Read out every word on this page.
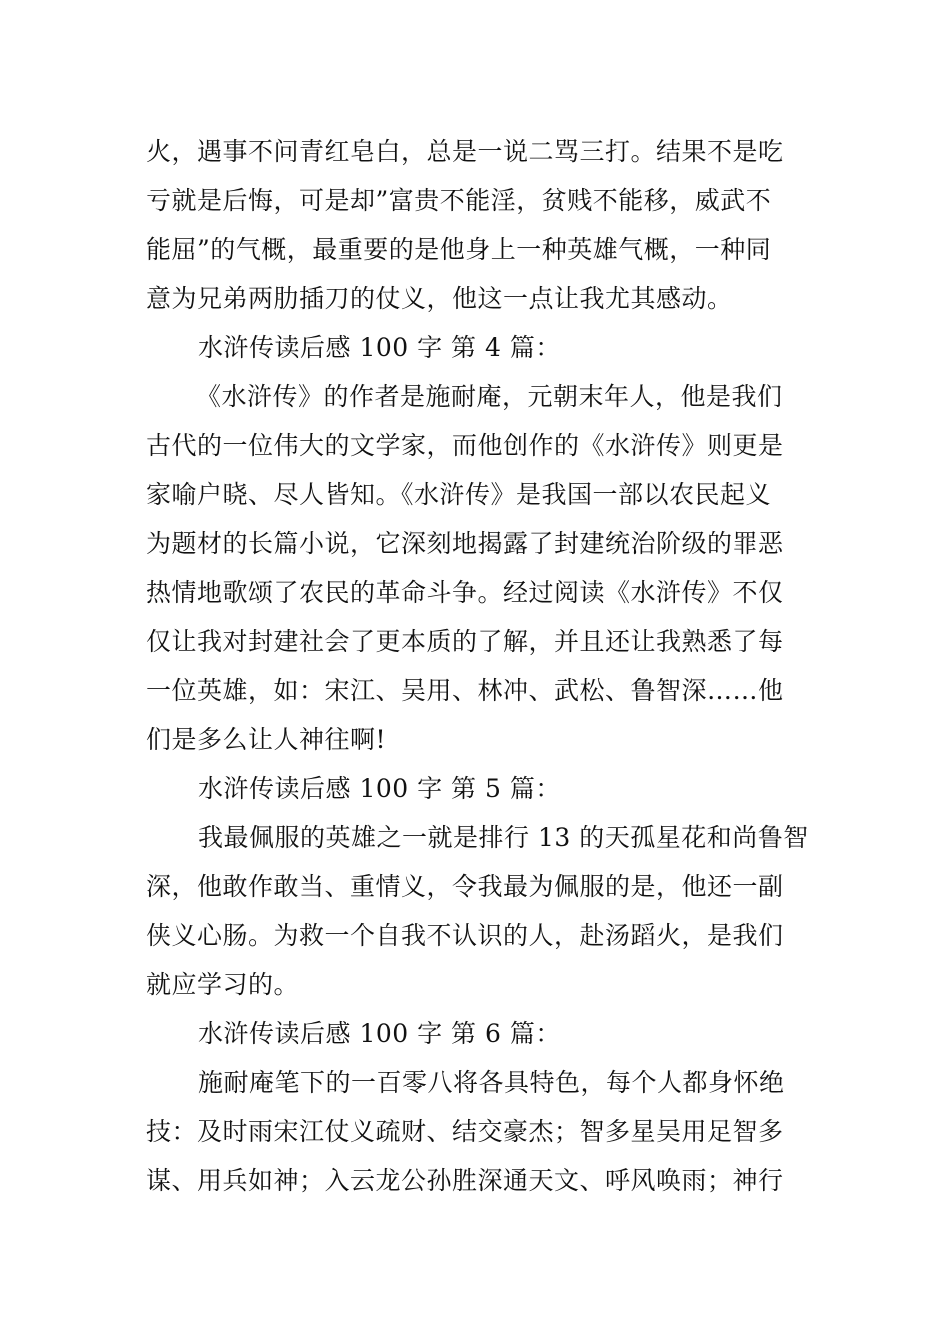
火，遇事不问青红皂白，总是一说二骂三打。结果不是吃
亏就是后悔，可是却”富贵不能淫，贫贱不能移，威武不
能屈”的气概，最重要的是他身上一种英雄气概，一种同
意为兄弟两肋插刀的仗义，他这一点让我尤其感动。
水浒传读后感 100 字 第 4 篇：
《水浒传》的作者是施耐庵，元朝末年人，他是我们
古代的一位伟大的文学家，而他创作的《水浒传》则更是
家喻户晓、尽人皆知。《水浒传》是我国一部以农民起义
为题材的长篇小说，它深刻地揭露了封建统治阶级的罪恶
热情地歌颂了农民的革命斗争。经过阅读《水浒传》不仅
仅让我对封建社会了更本质的了解，并且还让我熟悉了每
一位英雄，如：宋江、吴用、林冲、武松、鲁智深……他
们是多么让人神往啊!
水浒传读后感 100 字 第 5 篇：
我最佩服的英雄之一就是排行 13 的天孤星花和尚鲁智
深，他敢作敢当、重情义，令我最为佩服的是，他还一副
侠义心肠。为救一个自我不认识的人，赴汤蹈火，是我们
就应学习的。
水浒传读后感 100 字 第 6 篇：
施耐庵笔下的一百零八将各具特色，每个人都身怀绝
技：及时雨宋江仗义疏财、结交豪杰；智多星吴用足智多
谋、用兵如神；入云龙公孙胜深通天文、呼风唤雨；神行
